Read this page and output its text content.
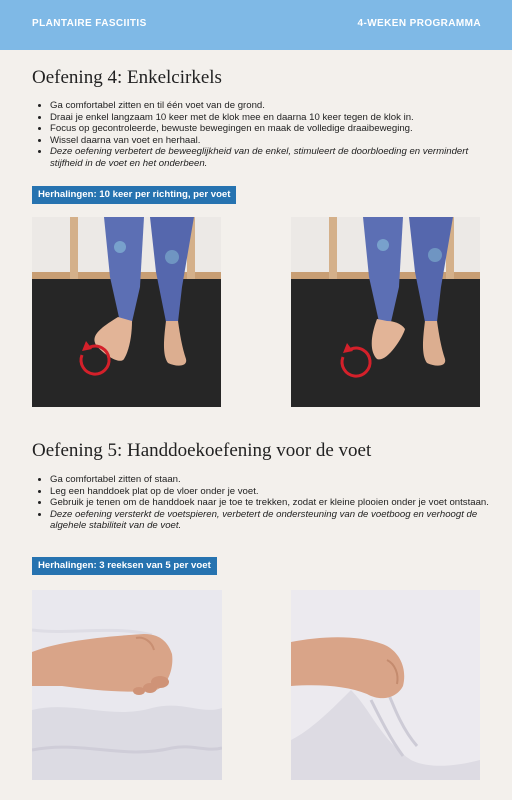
PLANTAIRE FASCIITIS	4-WEKEN PROGRAMMA
Oefening 4: Enkelcirkels
• Ga comfortabel zitten en til één voet van de grond.
• Draai je enkel langzaam 10 keer met de klok mee en daarna 10 keer tegen de klok in.
• Focus op gecontroleerde, bewuste bewegingen en maak de volledige draaibeweging.
• Wissel daarna van voet en herhaal.
• Deze oefening verbetert de beweeglijkheid van de enkel, stimuleert de doorbloeding en vermindert stijfheid in de voet en het onderbeen.
Herhalingen: 10 keer per richting, per voet
Oefening 5: Handdoekoefening voor de voet
• Ga comfortabel zitten of staan.
• Leg een handdoek plat op de vloer onder je voet.
• Gebruik je tenen om de handdoek naar je toe te trekken, zodat er kleine plooien onder je voet ontstaan.
• Deze oefening versterkt de voetspieren, verbetert de ondersteuning van de voetboog en verhoogt de algehele stabiliteit van de voet.
Herhalingen: 3 reeksen van 5 per voet
